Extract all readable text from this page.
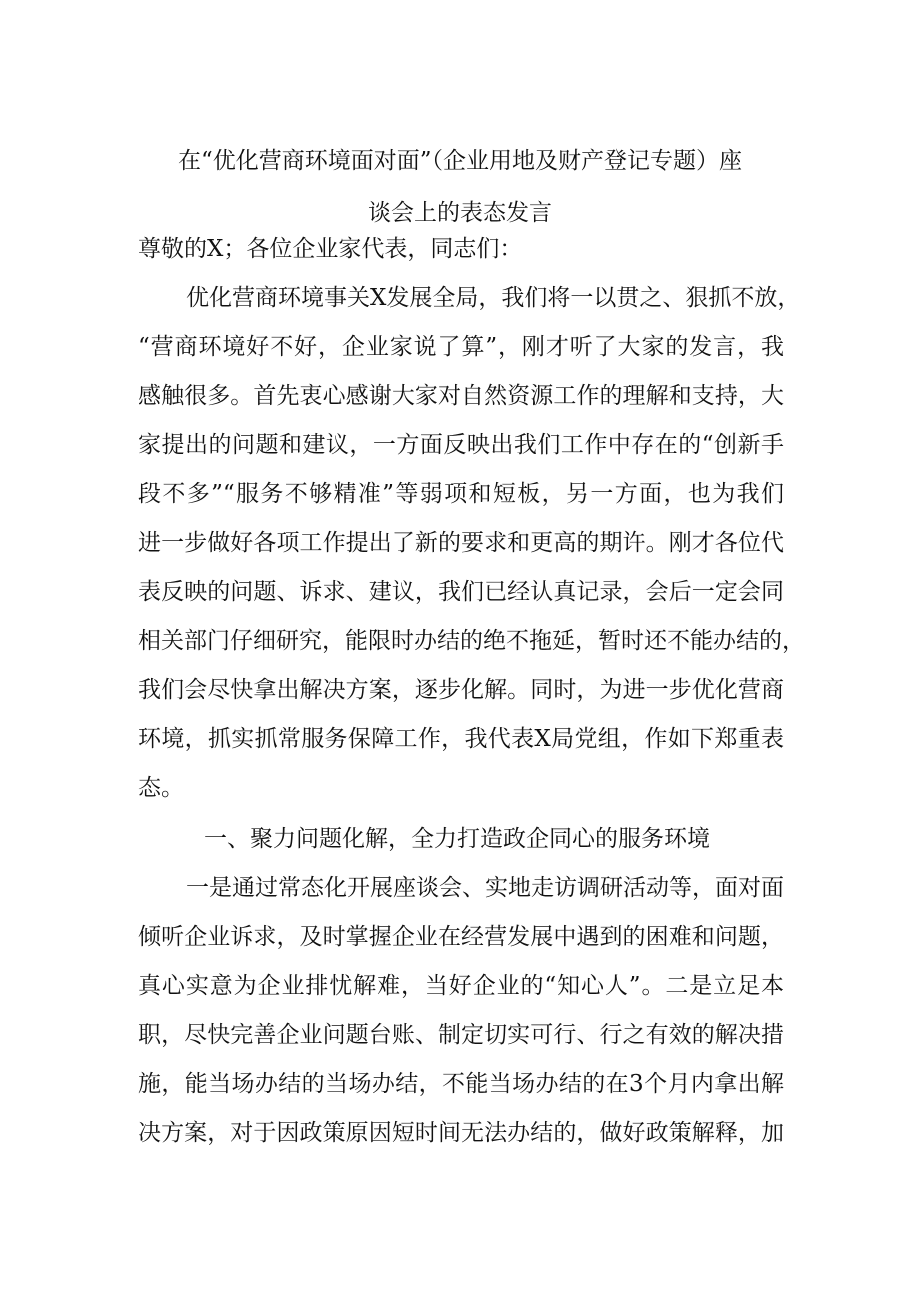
在“优化营商环境面对面”（企业用地及财产登记专题）座
谈会上的表态发言
尊敬的X；各位企业家代表，同志们：
优化营商环境事关X发展全局，我们将一以贯之、狠抓不放，
“营商环境好不好，企业家说了算”，刚才听了大家的发言，我
感触很多。首先衷心感谢大家对自然资源工作的理解和支持，大
家提出的问题和建议，一方面反映出我们工作中存在的“创新手
段不多”“服务不够精准”等弱项和短板，另一方面，也为我们
进一步做好各项工作提出了新的要求和更高的期许。刚才各位代
表反映的问题、诉求、建议，我们已经认真记录，会后一定会同
相关部门仔细研究，能限时办结的绝不拖延，暂时还不能办结的，
我们会尽快拿出解决方案，逐步化解。同时，为进一步优化营商
环境，抓实抓常服务保障工作，我代表X局党组，作如下郑重表
态。
一、聚力问题化解，全力打造政企同心的服务环境
一是通过常态化开展座谈会、实地走访调研活动等，面对面
倾听企业诉求，及时掌握企业在经营发展中遇到的困难和问题，
真心实意为企业排忧解难，当好企业的“知心人”。二是立足本
职，尽快完善企业问题台账、制定切实可行、行之有效的解决措
施，能当场办结的当场办结，不能当场办结的在3个月内拿出解
决方案，对于因政策原因短时间无法办结的，做好政策解释，加
